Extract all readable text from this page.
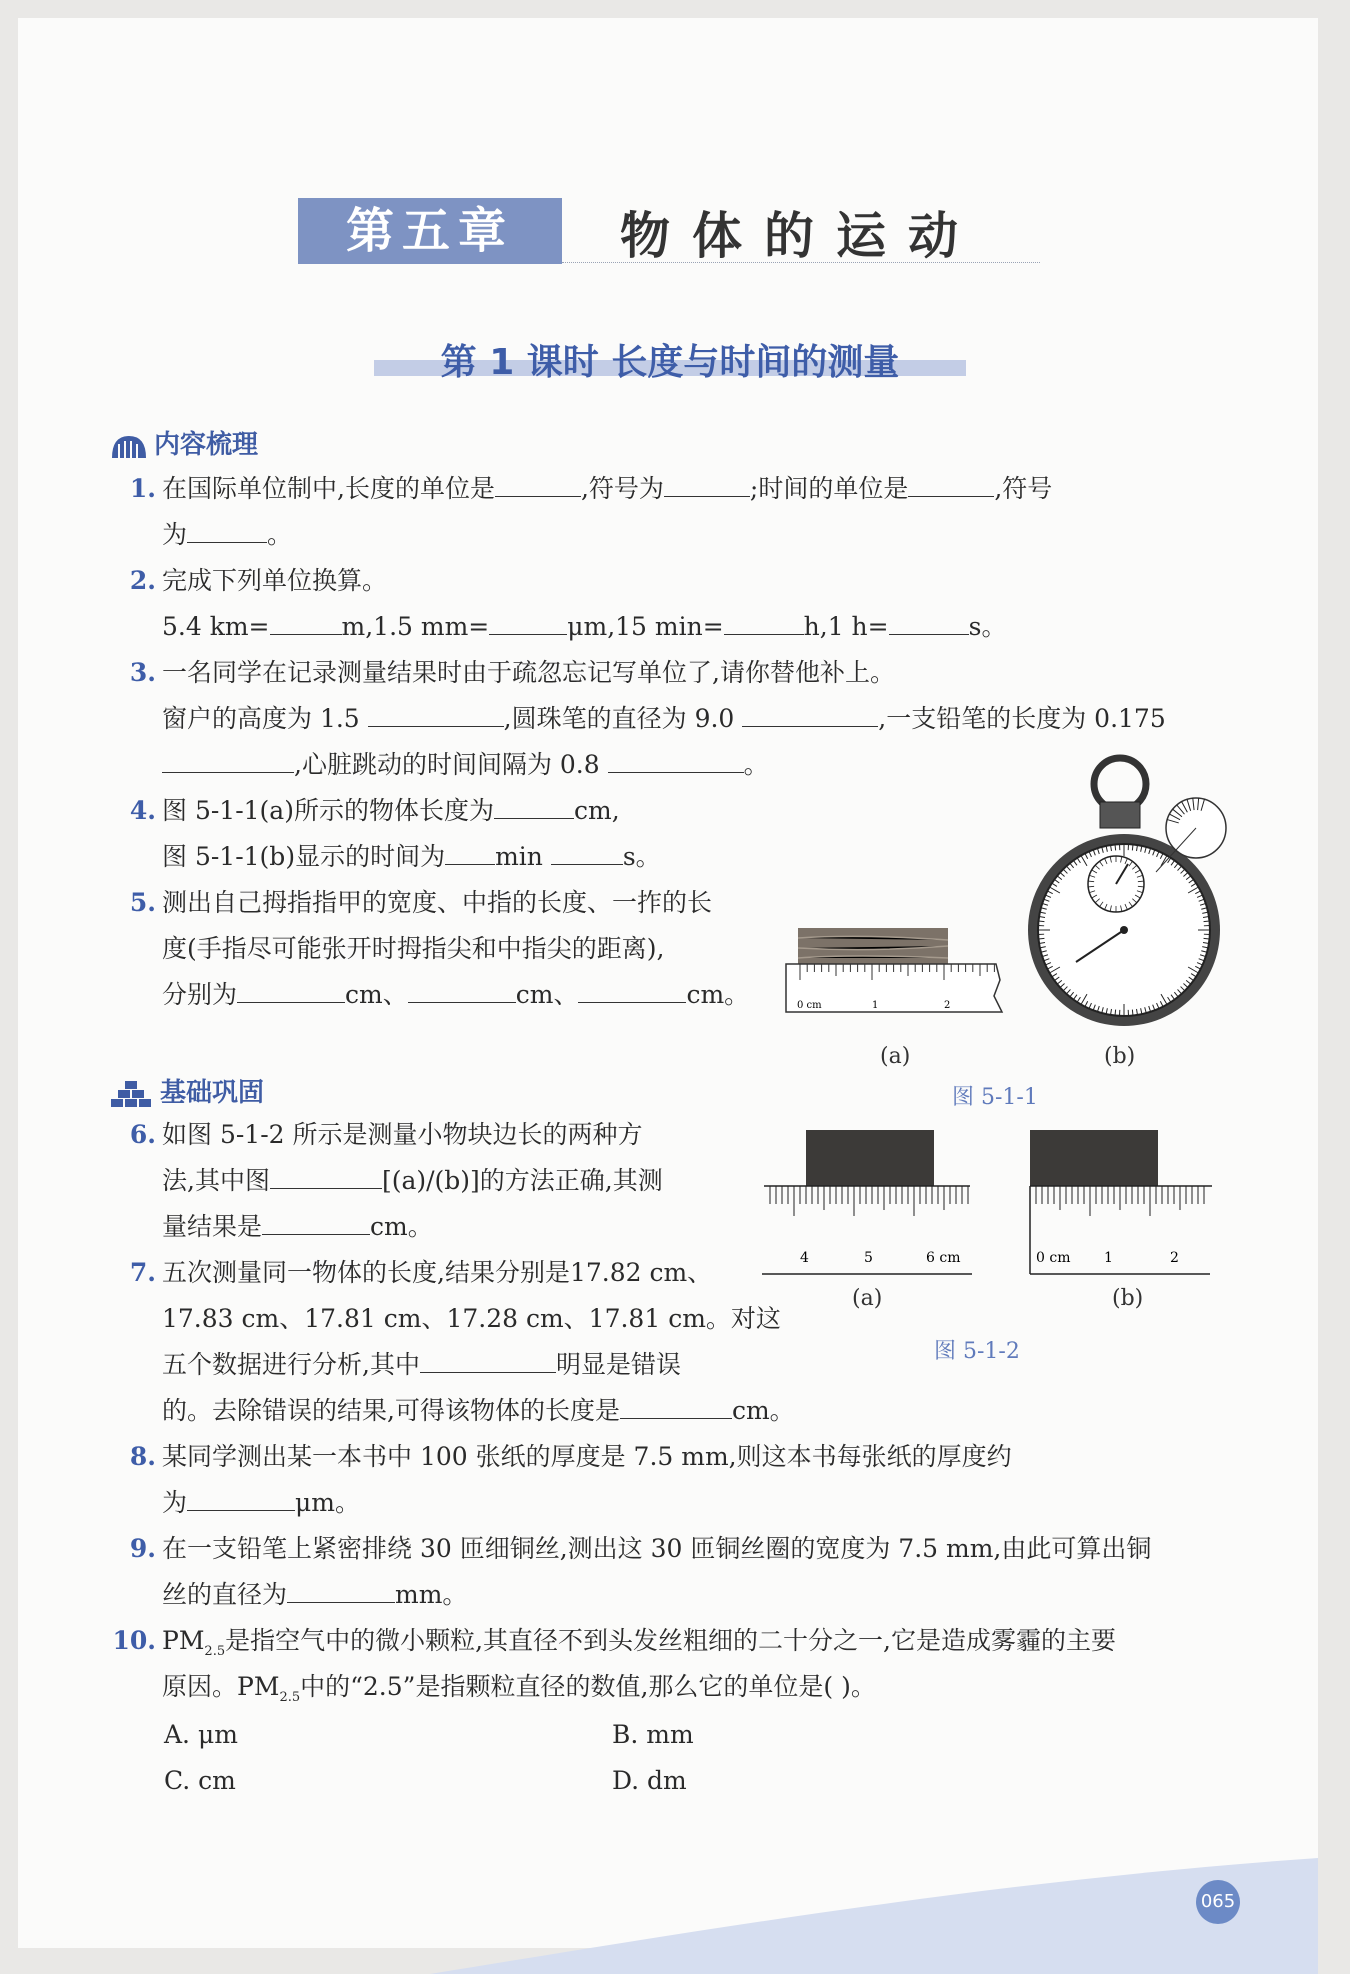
第五章	物体的运动
第 1 课时 长度与时间的测量
内容梳理
1. 在国际单位制中,长度的单位是	,符号为	;时间的单位是	,符号
为	。
2. 完成下列单位换算。
5.4 km=	m,1.5 mm=	μm,15 min=	h,1 h=	s。
3. 一名同学在记录测量结果时由于疏忽忘记写单位了,请你替他补上。
窗户的高度为 1.5	,圆珠笔的直径为 9.0	,一支铅笔的长度为 0.175
,心脏跳动的时间间隔为 0.8	。
4. 图 5-1-1(a)所示的物体长度为	cm,
图 5-1-1(b)显示的时间为 min	s。
5. 测出自己拇指指甲的宽度、中指的长度、一拃的长
度(手指尽可能张开时拇指尖和中指尖的距离),
分别为	cm、	cm、	cm。	0 cm	1	2
(a)	(b)
图 5-1-1
基础巩固
6. 如图 5-1-2 所示是测量小物块边长的两种方
法,其中图	[(a)/(b)]的方法正确,其测
量结果是	cm。
4	5	6 cm	0 cm 1	2
(a)	(b)
图 5-1-2
7. 五次测量同一物体的长度,结果分别是17.82 cm、
17.83 cm、17.81 cm、17.28 cm、17.81 cm。对这
五个数据进行分析,其中	明显是错误
的。去除错误的结果,可得该物体的长度是	cm。
8. 某同学测出某一本书中 100 张纸的厚度是 7.5 mm,则这本书每张纸的厚度约
为	μm。
9. 在一支铅笔上紧密排绕 30 匝细铜丝,测出这 30 匝铜丝圈的宽度为 7.5 mm,由此可算出铜
丝的直径为	mm。
10. $PM_{2.5}$是指空气中的微小颗粒,其直径不到头发丝粗细的二十分之一,它是造成雾霾的主要
原因。$PM_{2.5}$中的“2.5”是指颗粒直径的数值,那么它的单位是( )。
A. μm	B. mm
C. cm	D. dm
065
